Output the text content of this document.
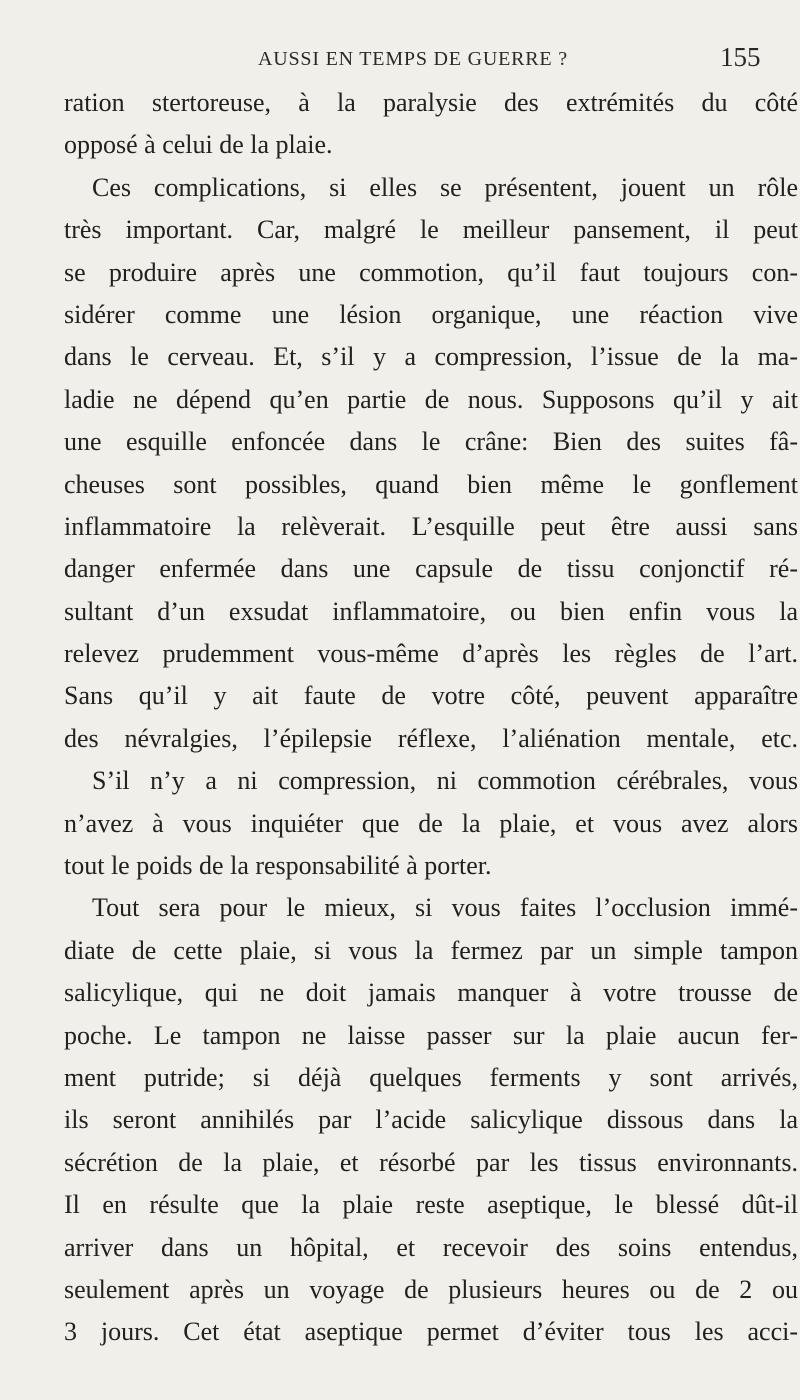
AUSSI EN TEMPS DE GUERRE ?	155
ration stertoreuse, à la paralysie des extrémités du côté
opposé à celui de la plaie.
Ces complications, si elles se présentent, jouent un rôle
très important. Car, malgré le meilleur pansement, il peut
se produire après une commotion, qu’il faut toujours con-
sidérer comme une lésion organique, une réaction vive
dans le cerveau. Et, s’il y a compression, l’issue de la ma-
ladie ne dépend qu’en partie de nous. Supposons qu’il y ait
une esquille enfoncée dans le crâne: Bien des suites fâ-
cheuses sont possibles, quand bien même le gonflement
inflammatoire la relèverait. L’esquille peut être aussi sans
danger enfermée dans une capsule de tissu conjonctif ré-
sultant d’un exsudat inflammatoire, ou bien enfin vous la
relevez prudemment vous-même d’après les règles de l’art.
Sans qu’il y ait faute de votre côté, peuvent apparaître
des névralgies, l’épilepsie réflexe, l’aliénation mentale, etc.
S’il n’y a ni compression, ni commotion cérébrales, vous
n’avez à vous inquiéter que de la plaie, et vous avez alors
tout le poids de la responsabilité à porter.
Tout sera pour le mieux, si vous faites l’occlusion immé-
diate de cette plaie, si vous la fermez par un simple tampon
salicylique, qui ne doit jamais manquer à votre trousse de
poche. Le tampon ne laisse passer sur la plaie aucun fer-
ment putride; si déjà quelques ferments y sont arrivés,
ils seront annihilés par l’acide salicylique dissous dans la
sécrétion de la plaie, et résorbé par les tissus environnants.
Il en résulte que la plaie reste aseptique, le blessé dût-il
arriver dans un hôpital, et recevoir des soins entendus,
seulement après un voyage de plusieurs heures ou de 2 ou
3 jours. Cet état aseptique permet d’éviter tous les acci-
